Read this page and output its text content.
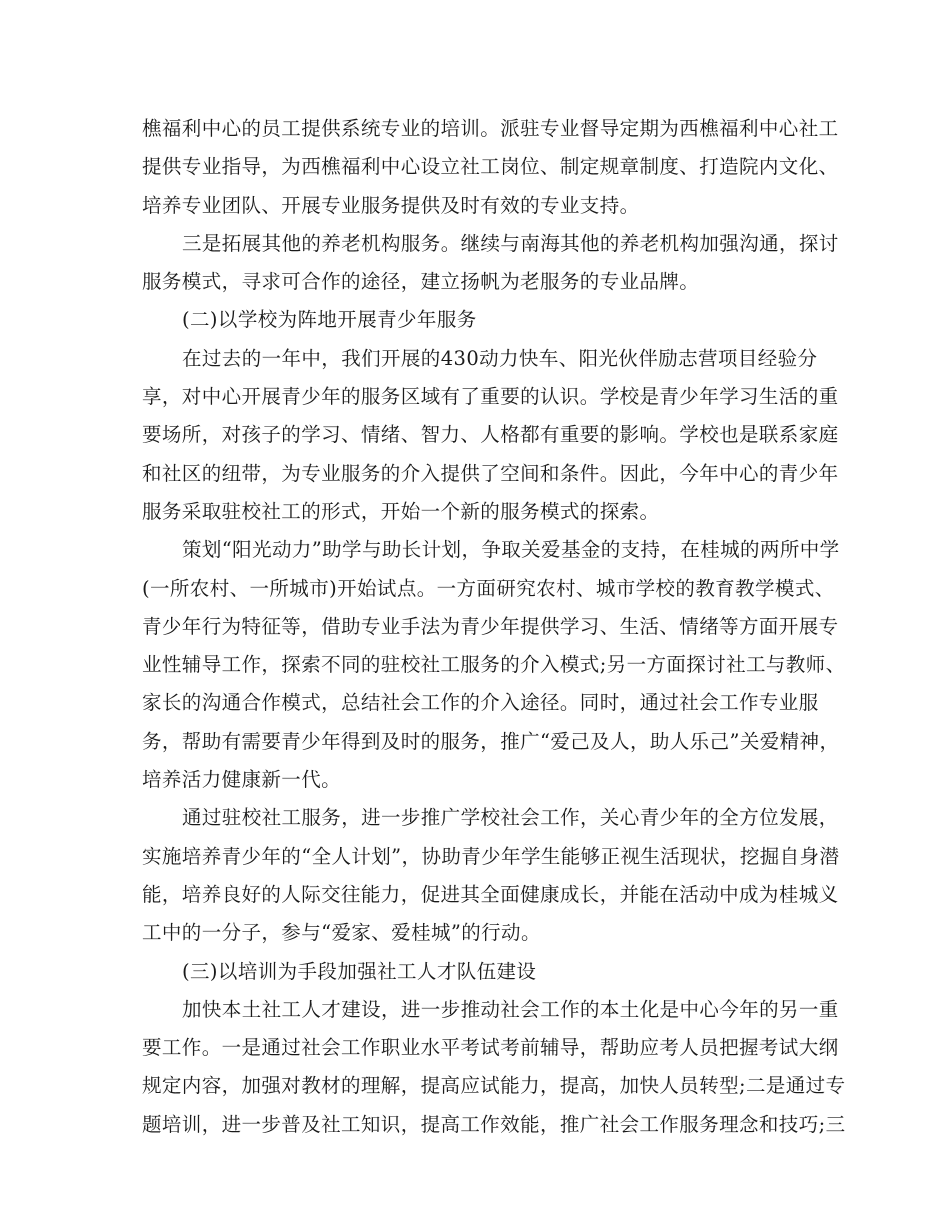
樵福利中心的员工提供系统专业的培训。派驻专业督导定期为西樵福利中心社工
提供专业指导，为西樵福利中心设立社工岗位、制定规章制度、打造院内文化、
培养专业团队、开展专业服务提供及时有效的专业支持。
三是拓展其他的养老机构服务。继续与南海其他的养老机构加强沟通，探讨
服务模式，寻求可合作的途径，建立扬帆为老服务的专业品牌。
(二)以学校为阵地开展青少年服务
在过去的一年中，我们开展的430动力快车、阳光伙伴励志营项目经验分
享，对中心开展青少年的服务区域有了重要的认识。学校是青少年学习生活的重
要场所，对孩子的学习、情绪、智力、人格都有重要的影响。学校也是联系家庭
和社区的纽带，为专业服务的介入提供了空间和条件。因此，今年中心的青少年
服务采取驻校社工的形式，开始一个新的服务模式的探索。
策划“阳光动力”助学与助长计划，争取关爱基金的支持，在桂城的两所中学
(一所农村、一所城市)开始试点。一方面研究农村、城市学校的教育教学模式、
青少年行为特征等，借助专业手法为青少年提供学习、生活、情绪等方面开展专
业性辅导工作，探索不同的驻校社工服务的介入模式;另一方面探讨社工与教师、
家长的沟通合作模式，总结社会工作的介入途径。同时，通过社会工作专业服
务，帮助有需要青少年得到及时的服务，推广“爱己及人，助人乐己”关爱精神，
培养活力健康新一代。
通过驻校社工服务，进一步推广学校社会工作，关心青少年的全方位发展，
实施培养青少年的“全人计划”，协助青少年学生能够正视生活现状，挖掘自身潜
能，培养良好的人际交往能力，促进其全面健康成长，并能在活动中成为桂城义
工中的一分子，参与“爱家、爱桂城”的行动。
(三)以培训为手段加强社工人才队伍建设
加快本土社工人才建设，进一步推动社会工作的本土化是中心今年的另一重
要工作。一是通过社会工作职业水平考试考前辅导，帮助应考人员把握考试大纲
规定内容，加强对教材的理解，提高应试能力，提高，加快人员转型;二是通过专
题培训，进一步普及社工知识，提高工作效能，推广社会工作服务理念和技巧;三
